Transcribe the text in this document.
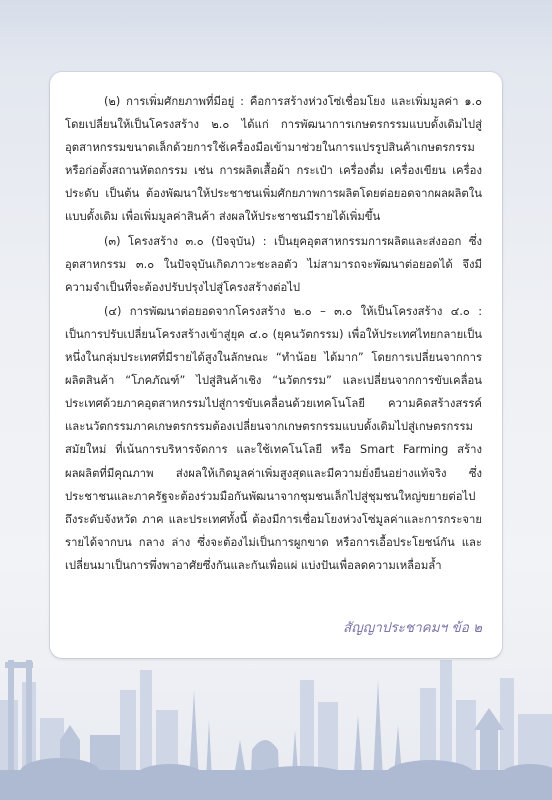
(๒) การเพิ่มศักยภาพที่มีอยู่ : คือการสร้างห่วงโซ่เชื่อมโยง และเพิ่มมูลค่า ๑.๐ โดยเปลี่ยนให้เป็นโครงสร้าง ๒.๐ ได้แก่ การพัฒนาการเกษตรกรรมแบบดั้งเดิมไปสู่อุตสาหกรรมขนาดเล็กด้วยการใช้เครื่องมือเข้ามาช่วยในการแปรรูปสินค้าเกษตรกรรม หรือก่อตั้งสถานหัตถกรรม เช่น การผลิตเสื้อผ้า กระเป๋า เครื่องดื่ม เครื่องเขียน เครื่องประดับ เป็นต้น ต้องพัฒนาให้ประชาชนเพิ่มศักยภาพการผลิตโดยต่อยอดจากผลผลิตในแบบดั้งเดิม เพื่อเพิ่มมูลค่าสินค้า ส่งผลให้ประชาชนมีรายได้เพิ่มขึ้น

(๓) โครงสร้าง ๓.๐ (ปัจจุบัน) : เป็นยุคอุตสาหกรรมการผลิตและส่งออก ซึ่งอุตสาหกรรม ๓.๐ ในปัจจุบันเกิดภาวะชะลอตัว ไม่สามารถจะพัฒนาต่อยอดได้ จึงมีความจำเป็นที่จะต้องปรับปรุงไปสู่โครงสร้างต่อไป

(๔) การพัฒนาต่อยอดจากโครงสร้าง ๒.๐ – ๓.๐ ให้เป็นโครงสร้าง ๔.๐ : เป็นการปรับเปลี่ยนโครงสร้างเข้าสู่ยุค ๔.๐ (ยุคนวัตกรรม) เพื่อให้ประเทศไทยกลายเป็นหนึ่งในกลุ่มประเทศที่มีรายได้สูงในลักษณะ “ทำน้อย ได้มาก” โดยการเปลี่ยนจากการผลิตสินค้า “โภคภัณฑ์” ไปสู่สินค้าเชิง “นวัตกรรม” และเปลี่ยนจากการขับเคลื่อนประเทศด้วยภาคอุตสาหกรรมไปสู่การขับเคลื่อนด้วยเทคโนโลยี ความคิดสร้างสรรค์ และนวัตกรรมภาคเกษตรกรรมต้องเปลี่ยนจากเกษตรกรรมแบบดั้งเดิมไปสู่เกษตรกรรมสมัยใหม่ ที่เน้นการบริหารจัดการ และใช้เทคโนโลยี หรือ Smart Farming สร้างผลผลิตที่มีคุณภาพ ส่งผลให้เกิดมูลค่าเพิ่มสูงสุดและมีความยั่งยืนอย่างแท้จริง ซึ่งประชาชนและภาครัฐจะต้องร่วมมือกันพัฒนาจากชุมชนเล็กไปสู่ชุมชนใหญ่ขยายต่อไปถึงระดับจังหวัด ภาค และประเทศทั้งนี้ ต้องมีการเชื่อมโยงห่วงโซ่มูลค่าและการกระจายรายได้จากบน กลาง ล่าง ซึ่งจะต้องไม่เป็นการผูกขาด หรือการเอื้อประโยชน์กัน และเปลี่ยนมาเป็นการพึ่งพาอาศัยซึ่งกันและกันเพื่อแผ่ แบ่งปันเพื่อลดความเหลื่อมล้ำ

สัญญาประชาคมฯ ข้อ ๒
